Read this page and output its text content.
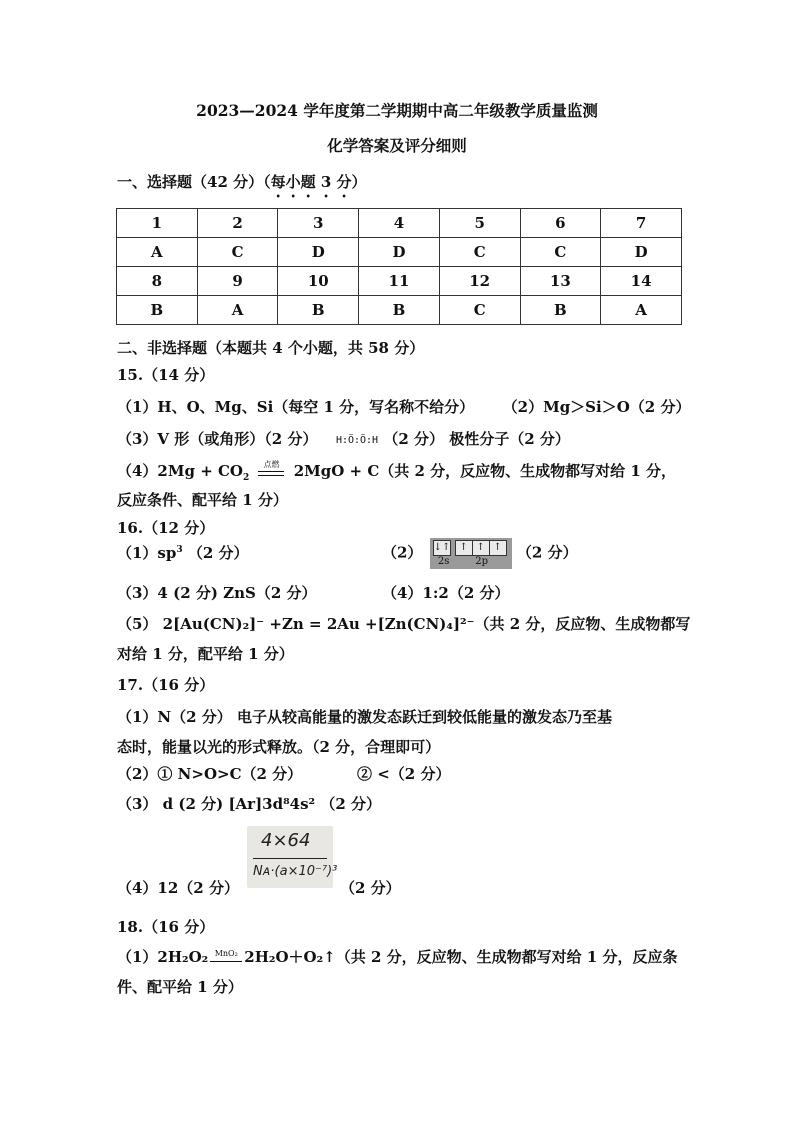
2023—2024 学年度第二学期期中高二年级教学质量监测
化学答案及评分细则
一、选择题（42 分）（每小题 3 分）
1	2	3	4	5	6	7
A	C	D	D	C	C	D
8	9	10	11	12	13	14
B	A	B	B	C	B	A
二、非选择题（本题共 4 个小题，共 58 分）
15.（14 分）
（1）H、O、Mg、Si（每空 1 分，写名称不给分） （2）Mg＞Si＞O（2 分）
（3）V 形（或角形）（2 分） H:Ö:Ö:H （2 分） 极性分子（2 分）
$(4)2Mg + CO_2$
点燃 2MgO + C（共 2 分，反应物、生成物都写对给 1 分，
反应条件、配平给 1 分）
16.（12 分）
$(1)sp^3$ （2 分）	（2） ↓↑ ↑ ↑ ↑
2s	2p	（2 分）
（3）4 (2 分) ZnS（2 分）	（4）1:2（2 分）
（5） 2[Au(CN)₂]⁻ +Zn = 2Au +[Zn(CN)₄]²⁻（共 2 分，反应物、生成物都写
对给 1 分，配平给 1 分）
17.（16 分）
（1）N（2 分） 电子从较高能量的激发态跃迁到较低能量的激发态乃至基
态时，能量以光的形式释放。（2 分，合理即可）
（2）① N>O>C（2 分）	② <（2 分）
（3） d (2 分) [Ar]3d⁸4s² （2 分）
4×64
Nᴀ·(a×10⁻⁷)³
（4）12（2 分）	（2 分）
18.（16 分）
（1）2H₂O₂ MnO₂ 2H₂O＋O₂↑（共 2 分，反应物、生成物都写对给 1 分，反应条
件、配平给 1 分）
